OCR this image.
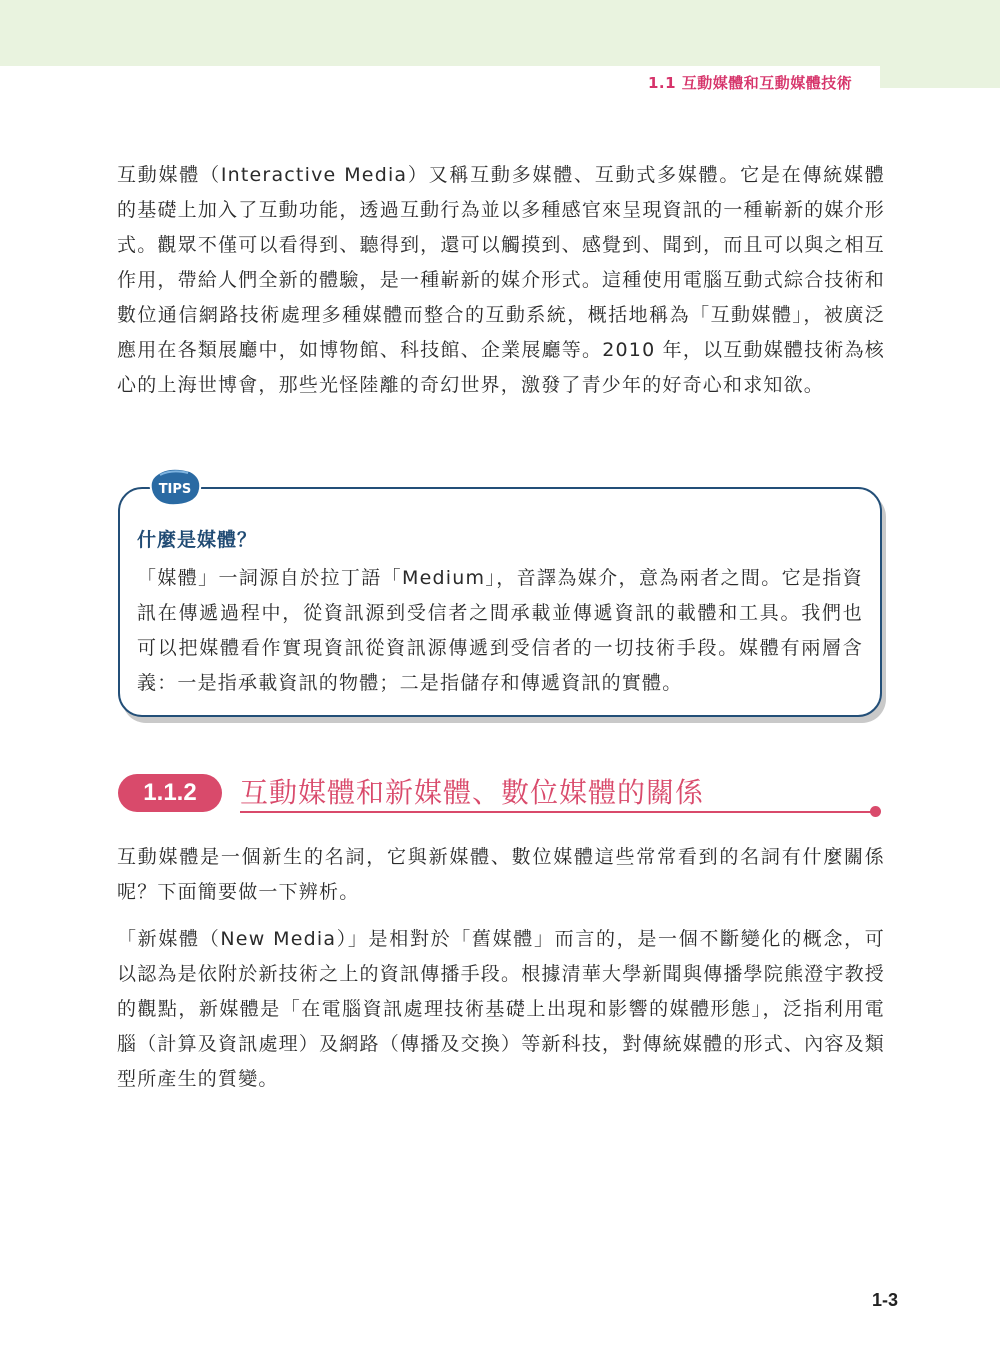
1.1 互動媒體和互動媒體技術

互動媒體（Interactive Media）又稱互動多媒體、互動式多媒體。它是在傳統媒體的基礎上加入了互動功能，透過互動行為並以多種感官來呈現資訊的一種嶄新的媒介形式。觀眾不僅可以看得到、聽得到，還可以觸摸到、感覺到、聞到，而且可以與之相互作用，帶給人們全新的體驗，是一種嶄新的媒介形式。這種使用電腦互動式綜合技術和數位通信網路技術處理多種媒體而整合的互動系統，概括地稱為「互動媒體」，被廣泛應用在各類展廳中，如博物館、科技館、企業展廳等。2010 年，以互動媒體技術為核心的上海世博會，那些光怪陸離的奇幻世界，激發了青少年的好奇心和求知欲。

TIPS
什麼是媒體？

「媒體」一詞源自於拉丁語「Medium」，音譯為媒介，意為兩者之間。它是指資訊在傳遞過程中，從資訊源到受信者之間承載並傳遞資訊的載體和工具。我們也可以把媒體看作實現資訊從資訊源傳遞到受信者的一切技術手段。媒體有兩層含義：一是指承載資訊的物體；二是指儲存和傳遞資訊的實體。

1.1.2	互動媒體和新媒體、數位媒體的關係

互動媒體是一個新生的名詞，它與新媒體、數位媒體這些常常看到的名詞有什麼關係呢？下面簡要做一下辨析。

「新媒體（New Media）」是相對於「舊媒體」而言的，是一個不斷變化的概念，可以認為是依附於新技術之上的資訊傳播手段。根據清華大學新聞與傳播學院熊澄宇教授的觀點，新媒體是「在電腦資訊處理技術基礎上出現和影響的媒體形態」，泛指利用電腦（計算及資訊處理）及網路（傳播及交換）等新科技，對傳統媒體的形式、內容及類型所產生的質變。

1-3
